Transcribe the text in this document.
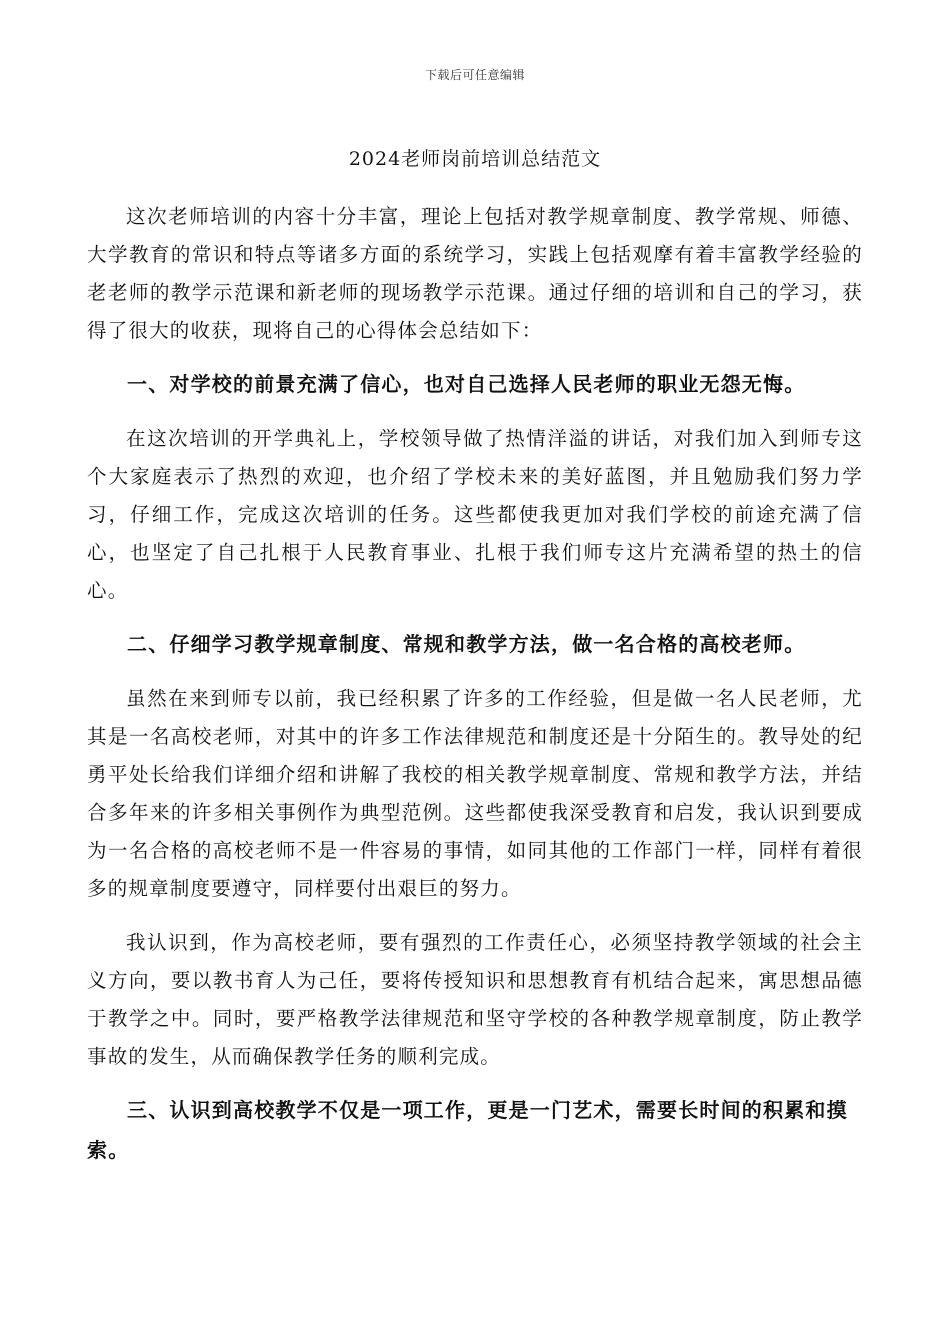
下载后可任意编辑
2024老师岗前培训总结范文

这次老师培训的内容十分丰富，理论上包括对教学规章制度、教学常规、师德、大学教育的常识和特点等诸多方面的系统学习，实践上包括观摩有着丰富教学经验的老老师的教学示范课和新老师的现场教学示范课。通过仔细的培训和自己的学习，获得了很大的收获，现将自己的心得体会总结如下：

一、对学校的前景充满了信心，也对自己选择人民老师的职业无怨无悔。

在这次培训的开学典礼上，学校领导做了热情洋溢的讲话，对我们加入到师专这个大家庭表示了热烈的欢迎，也介绍了学校未来的美好蓝图，并且勉励我们努力学习，仔细工作，完成这次培训的任务。这些都使我更加对我们学校的前途充满了信心，也坚定了自己扎根于人民教育事业、扎根于我们师专这片充满希望的热土的信心。

二、仔细学习教学规章制度、常规和教学方法，做一名合格的高校老师。

虽然在来到师专以前，我已经积累了许多的工作经验，但是做一名人民老师，尤其是一名高校老师，对其中的许多工作法律规范和制度还是十分陌生的。教导处的纪勇平处长给我们详细介绍和讲解了我校的相关教学规章制度、常规和教学方法，并结合多年来的许多相关事例作为典型范例。这些都使我深受教育和启发，我认识到要成为一名合格的高校老师不是一件容易的事情，如同其他的工作部门一样，同样有着很多的规章制度要遵守，同样要付出艰巨的努力。

我认识到，作为高校老师，要有强烈的工作责任心，必须坚持教学领域的社会主义方向，要以教书育人为己任，要将传授知识和思想教育有机结合起来，寓思想品德于教学之中。同时，要严格教学法律规范和坚守学校的各种教学规章制度，防止教学事故的发生，从而确保教学任务的顺利完成。

三、认识到高校教学不仅是一项工作，更是一门艺术，需要长时间的积累和摸索。
